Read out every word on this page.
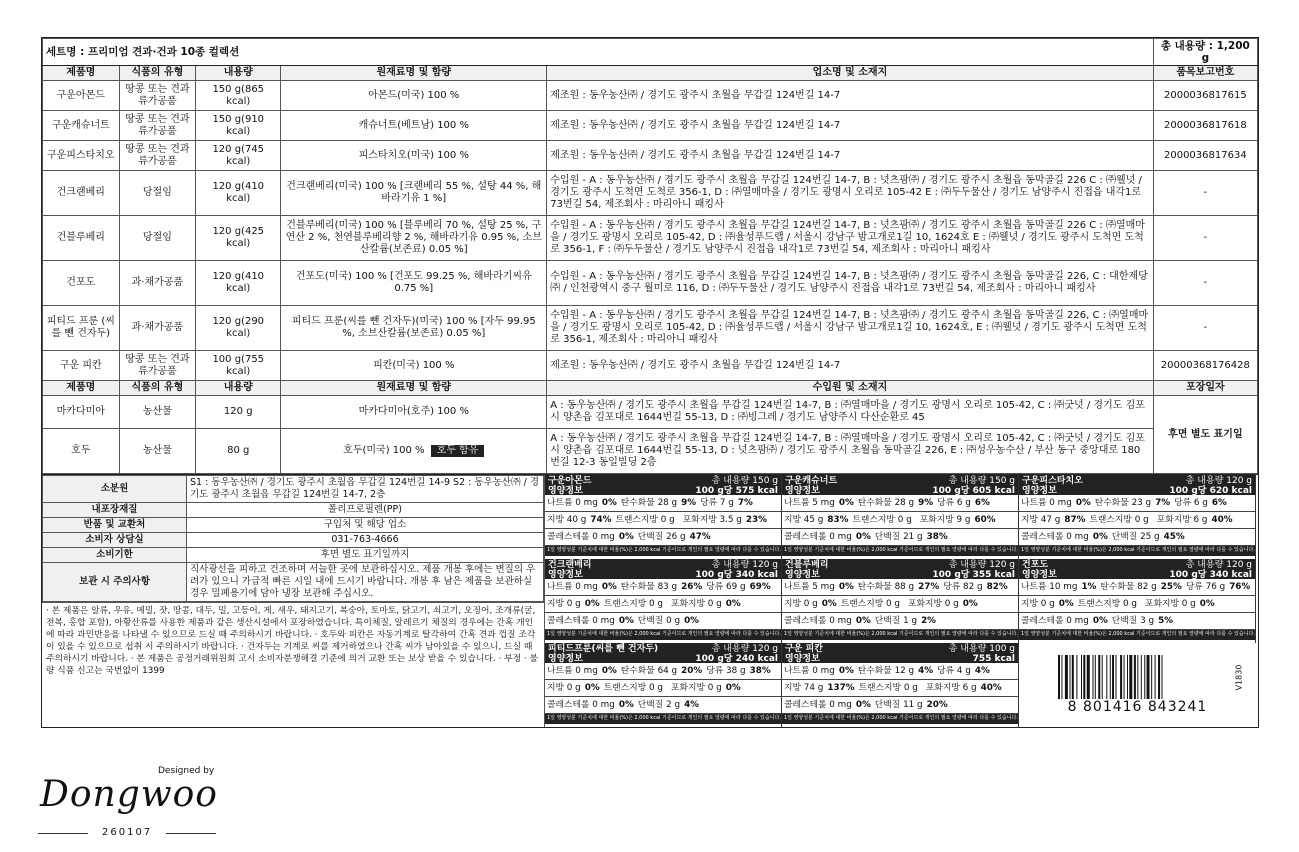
세트명 : 프리미엄 견과·건과 10종 컬렉션					총 내용량 : 1,200 g
제품명	식품의 유형	내용량	원재료명 및 함량	업소명 및 소재지	품목보고번호
구운아몬드	땅콩 또는 견과류가공품	150 g(865 kcal)	아몬드(미국) 100 %	제조원 : 동우농산㈜ / 경기도 광주시 초월읍 무갑길 124번길 14-7	2000036817615
구운캐슈너트	땅콩 또는 견과류가공품	150 g(910 kcal)	캐슈너트(베트남) 100 %	제조원 : 동우농산㈜ / 경기도 광주시 초월읍 무갑길 124번길 14-7	2000036817618
구운피스타치오	땅콩 또는 견과류가공품	120 g(745 kcal)	피스타치오(미국) 100 %	제조원 : 동우농산㈜ / 경기도 광주시 초월읍 무갑길 124번길 14-7	2000036817634
건크랜베리	당절임	120 g(410 kcal)	건크랜베리(미국) 100 % [크랜베리 55 %, 설탕 44 %, 해바라기유 1 %]	수입원 - A : 동우농산㈜ / 경기도 광주시 초월읍 무갑길 124번길 14-7, B : 넛츠팜㈜ / 경기도 광주시 초월읍 동막골길 226 C : ㈜웰넛 / 경기도 광주시 도척면 도척로 356-1, D : ㈜열매마을 / 경기도 광명시 오리로 105-42 E : ㈜두두물산 / 경기도 남양주시 진접읍 내각1로 73번길 54, 제조회사 : 마리아니 패킹사	-
건블루베리	당절임	120 g(425 kcal)	건블루베리(미국) 100 % [블루베리 70 %, 설탕 25 %, 구연산 2 %, 천연블루베리향 2 %, 해바라기유 0.95 %, 소브산칼륨(보존료) 0.05 %]	수입원 - A : 동우농산㈜ / 경기도 광주시 초월읍 무갑길 124번길 14-7, B : 넛츠팜㈜ / 경기도 광주시 초월읍 동막골길 226 C : ㈜열매마을 / 경기도 광명시 오리로 105-42, D : ㈜율성푸드랩 / 서울시 강남구 밤고개로1길 10, 1624호 E : ㈜웰넛 / 경기도 광주시 도척면 도척로 356-1, F : ㈜두두물산 / 경기도 남양주시 진접읍 내각1로 73번길 54, 제조회사 : 마리아니 패킹사	-
건포도	과·채가공품	120 g(410 kcal)	건포도(미국) 100 % [건포도 99.25 %, 해바라기씨유 0.75 %]	수입원 - A : 동우농산㈜ / 경기도 광주시 초월읍 무갑길 124번길 14-7, B : 넛츠팜㈜ / 경기도 광주시 초월읍 동막골길 226, C : 대한제당㈜ / 인천광역시 중구 월미로 116, D : ㈜두두물산 / 경기도 남양주시 진접읍 내각1로 73번길 54, 제조회사 : 마리아니 패킹사	-
피티드 프룬 (씨를 뺀 건자두)	과·채가공품	120 g(290 kcal)	피티드 프룬(씨를 뺀 건자두)(미국) 100 % [자두 99.95 %, 소브산칼륨(보존료) 0.05 %]	수입원 - A : 동우농산㈜ / 경기도 광주시 초월읍 무갑길 124번길 14-7, B : 넛츠팜㈜ / 경기도 광주시 초월읍 동막골길 226, C : ㈜열매마을 / 경기도 광명시 오리로 105-42, D : ㈜율성푸드랩 / 서울시 강남구 밤고개로1길 10, 1624호, E : ㈜웰넛 / 경기도 광주시 도척면 도척로 356-1, 제조회사 : 마리아니 패킹사	-
구운 피칸	땅콩 또는 견과류가공품	100 g(755 kcal)	피칸(미국) 100 %	제조원 : 동우농산㈜ / 경기도 광주시 초월읍 무갑길 124번길 14-7	20000368176428
제품명	식품의 유형	내용량	원재료명 및 함량	수입원 및 소재지	포장일자
마카다미아	농산물	120 g	마카다미아(호주) 100 %	A : 동우농산㈜ / 경기도 광주시 초월읍 무갑길 124번길 14-7, B : ㈜열매마을 / 경기도 광명시 오리로 105-42, C : ㈜굿넛 / 경기도 김포시 양촌읍 김포대로 1644번길 55-13, D : ㈜빙그레 / 경기도 남양주시 다산순환로 45	후면 별도 표기일
호두	농산물	80 g	호두(미국) 100 % 호두 함유	A : 동우농산㈜ / 경기도 광주시 초월읍 무갑길 124번길 14-7, B : ㈜열매마을 / 경기도 광명시 오리로 105-42, C : ㈜굿넛 / 경기도 김포시 양촌읍 김포대로 1644번길 55-13, D : 넛츠팜㈜ / 경기도 광주시 초월읍 동막골길 226, E : ㈜성우농수산 / 부산 동구 중앙대로 180번길 12-3 동일빌딩 2층	
소분원	S1 : 동우농산㈜ / 경기도 광주시 초월읍 무갑길 124번길 14-9 S2 : 동우농산㈜ / 경기도 광주시 초월읍 무갑길 124번길 14-7, 2층
내포장재질	폴리프로필렌(PP)
반품 및 교환처	구입처 및 해당 업소
소비자 상담실	031-763-4666
소비기한	후면 별도 표기일까지
보관 시 주의사항	직사광선을 피하고 건조하며 서늘한 곳에 보관하십시오. 제품 개봉 후에는 변질의 우려가 있으니 가급적 빠른 시일 내에 드시기 바랍니다. 개봉 후 남은 제품을 보관하실 경우 밀폐용기에 담아 냉장 보관해 주십시오.
· 본 제품은 알류, 우유, 메밀, 잣, 땅콩, 대두, 밀, 고등어, 게, 새우, 돼지고기, 복숭아, 토마토, 닭고기, 쇠고기, 오징어, 조개류(굴, 전복, 홍합 포함), 아황산류를 사용한 제품과 같은 생산시설에서 포장하였습니다. 특이체질, 알레르기 체질의 경우에는 간혹 개인에 따라 과민반응을 나타낼 수 있으므로 드실 때 주의하시기 바랍니다. · 호두와 피칸은 자동기계로 탈각하여 간혹 견과 껍질 조각이 있을 수 있으므로 섭취 시 주의하시기 바랍니다. · 건자두는 기계로 씨를 제거하였으나 간혹 씨가 남아있을 수 있으니, 드실 때 주의하시기 바랍니다. · 본 제품은 공정거래위원회 고시 소비자분쟁해결 기준에 의거 교환 또는 보상 받을 수 있습니다. · 부정 · 불량 식품 신고는 국번없이 1399
구운아몬드
영양정보
총 내용량 150 g
100 g당 575 kcal
나트륨 0 mg 0% 탄수화물 28 g 9% 당류 7 g 7%
지방 40 g 74% 트랜스지방 0 g 포화지방 3.5 g 23%
콜레스테롤 0 mg 0% 단백질 26 g 47%
1일 영양성분 기준치에 대한 비율(%)은 2,000 kcal 기준이므로 개인의 필요 열량에 따라 다를 수 있습니다.
구운캐슈너트
영양정보
총 내용량 150 g
100 g당 605 kcal
나트륨 5 mg 0% 탄수화물 28 g 9% 당류 6 g 6%
지방 45 g 83% 트랜스지방 0 g 포화지방 9 g 60%
콜레스테롤 0 mg 0% 단백질 21 g 38%
1일 영양성분 기준치에 대한 비율(%)은 2,000 kcal 기준이므로 개인의 필요 열량에 따라 다를 수 있습니다.
구운피스타치오
영양정보
총 내용량 120 g
100 g당 620 kcal
나트륨 0 mg 0% 탄수화물 23 g 7% 당류 6 g 6%
지방 47 g 87% 트랜스지방 0 g 포화지방 6 g 40%
콜레스테롤 0 mg 0% 단백질 25 g 45%
1일 영양성분 기준치에 대한 비율(%)은 2,000 kcal 기준이므로 개인의 필요 열량에 따라 다를 수 있습니다.
건크랜베리
영양정보
총 내용량 120 g
100 g당 340 kcal
나트륨 0 mg 0% 탄수화물 83 g 26% 당류 69 g 69%
지방 0 g 0% 트랜스지방 0 g 포화지방 0 g 0%
콜레스테롤 0 mg 0% 단백질 0 g 0%
1일 영양성분 기준치에 대한 비율(%)은 2,000 kcal 기준이므로 개인의 필요 열량에 따라 다를 수 있습니다.
건블루베리
영양정보
총 내용량 120 g
100 g당 355 kcal
나트륨 5 mg 0% 탄수화물 88 g 27% 당류 82 g 82%
지방 0 g 0% 트랜스지방 0 g 포화지방 0 g 0%
콜레스테롤 0 mg 0% 단백질 1 g 2%
1일 영양성분 기준치에 대한 비율(%)은 2,000 kcal 기준이므로 개인의 필요 열량에 따라 다를 수 있습니다.
건포도
영양정보
총 내용량 120 g
100 g당 340 kcal
나트륨 10 mg 1% 탄수화물 82 g 25% 당류 76 g 76%
지방 0 g 0% 트랜스지방 0 g 포화지방 0 g 0%
콜레스테롤 0 mg 0% 단백질 3 g 5%
1일 영양성분 기준치에 대한 비율(%)은 2,000 kcal 기준이므로 개인의 필요 열량에 따라 다를 수 있습니다.
피티드프룬(씨를 뺀 건자두)
영양정보
총 내용량 120 g
100 g당 240 kcal
나트륨 0 mg 0% 탄수화물 64 g 20% 당류 38 g 38%
지방 0 g 0% 트랜스지방 0 g 포화지방 0 g 0%
콜레스테롤 0 mg 0% 단백질 2 g 4%
1일 영양성분 기준치에 대한 비율(%)은 2,000 kcal 기준이므로 개인의 필요 열량에 따라 다를 수 있습니다.
구운 피칸
영양정보
총 내용량 100 g
755 kcal
나트륨 0 mg 0% 탄수화물 12 g 4% 당류 4 g 4%
지방 74 g 137% 트랜스지방 0 g 포화지방 6 g 40%
콜레스테롤 0 mg 0% 단백질 11 g 20%
1일 영양성분 기준치에 대한 비율(%)은 2,000 kcal 기준이므로 개인의 필요 열량에 따라 다를 수 있습니다.
8 801416 843241
V1830
Designed by
Dongwoo
260107
